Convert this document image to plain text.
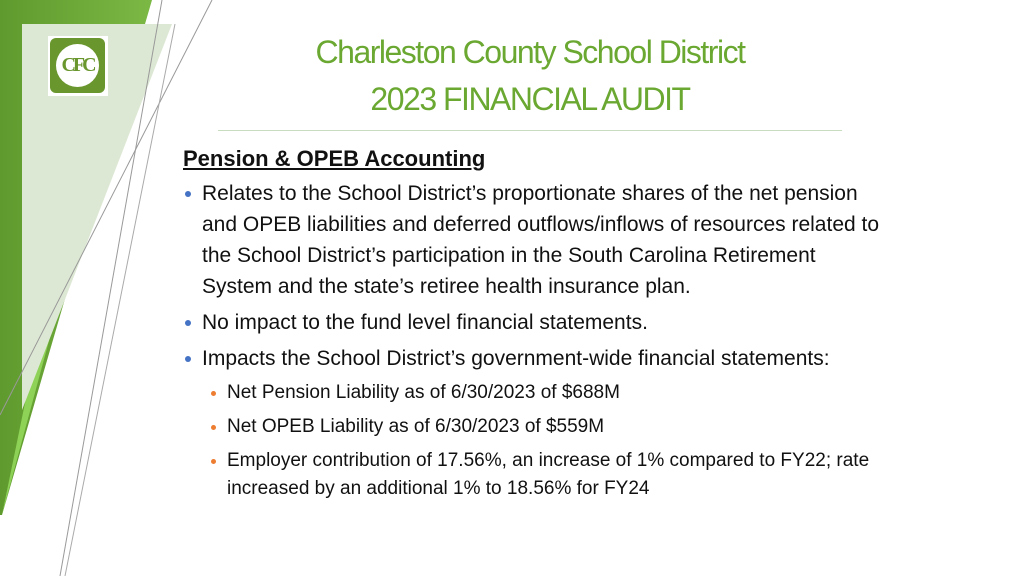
CFC	Charleston County School District
2023 FINANCIAL AUDIT
Pension & OPEB Accounting
Relates to the School District’s proportionate shares of the net pension and OPEB liabilities and deferred outflows/inflows of resources related to the School District’s participation in the South Carolina Retirement System and the state’s retiree health insurance plan.
No impact to the fund level financial statements.
Impacts the School District’s government-wide financial statements:
Net Pension Liability as of 6/30/2023 of $688M
Net OPEB Liability as of 6/30/2023 of $559M
Employer contribution of 17.56%, an increase of 1% compared to FY22; rate increased by an additional 1% to 18.56% for FY24
